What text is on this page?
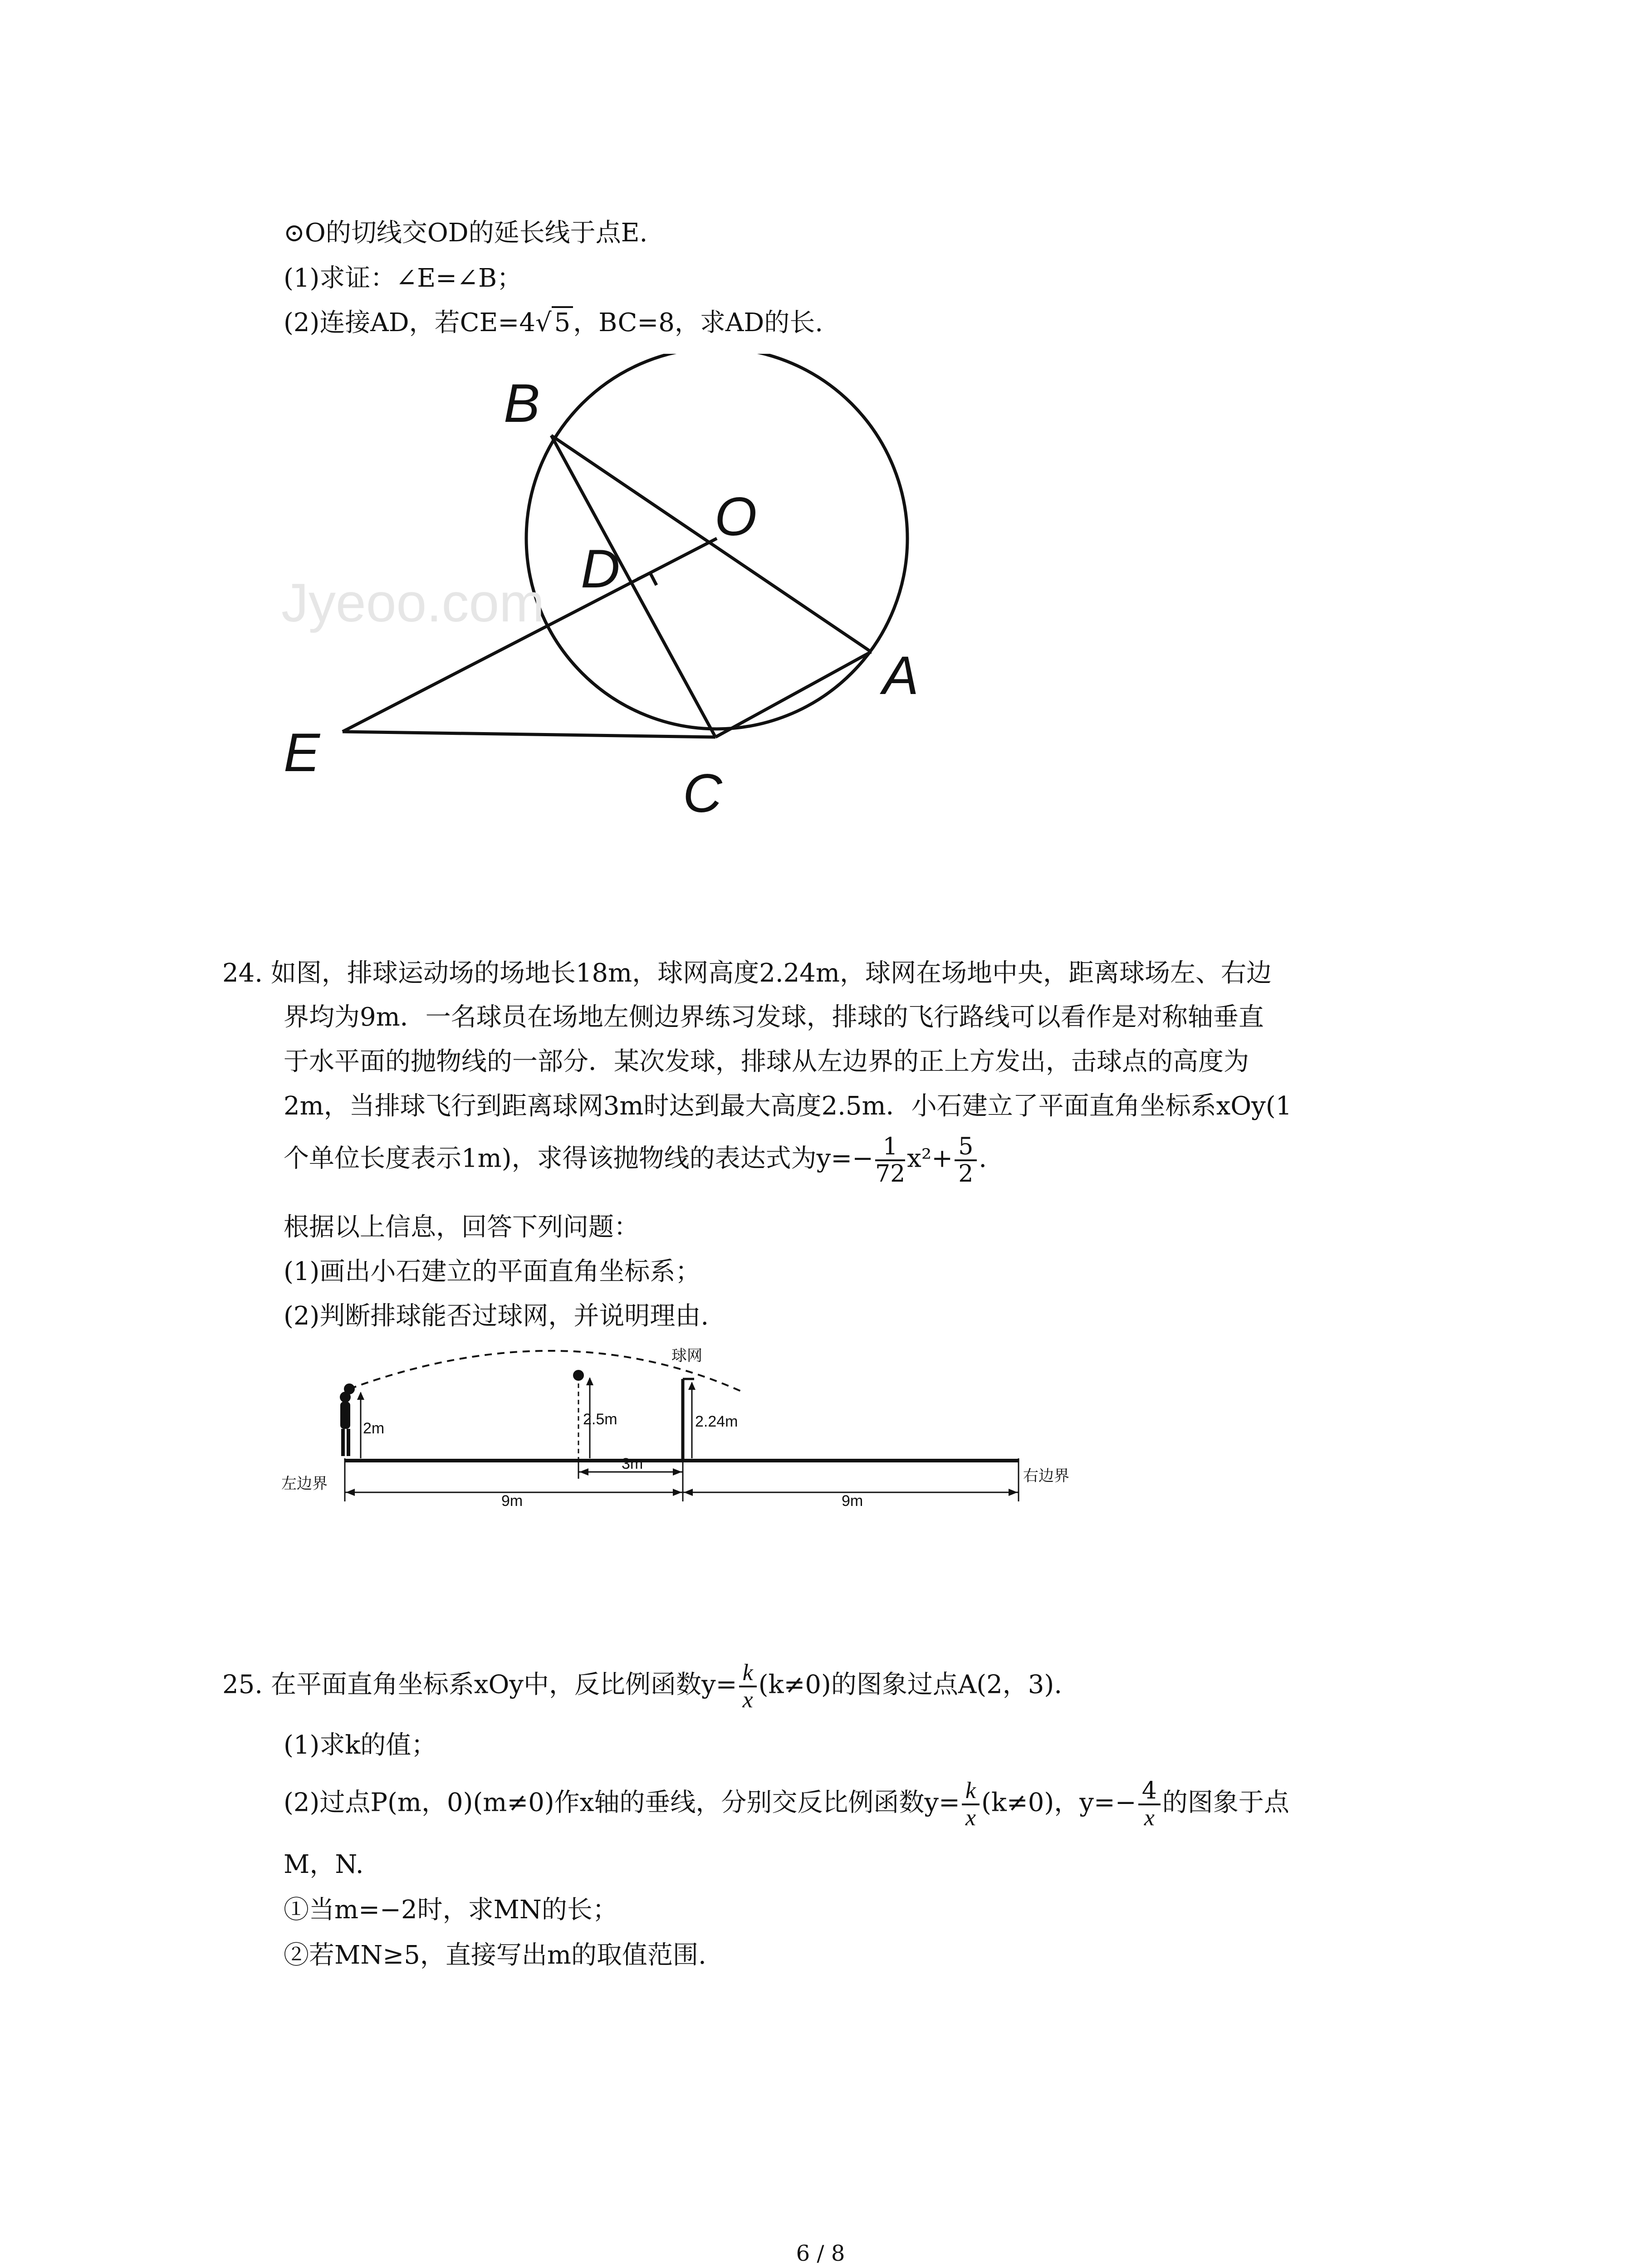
⊙O的切线交OD的延长线于点E.
(1)求证：∠E=∠B；
(2)连接AD，若CE=4√ 5 ，BC=8，求AD的长.
Jyeoo.com
B
O
D
A
E
C
24. 如图，排球运动场的场地长18m，球网高度2.24m，球网在场地中央，距离球场左、右边
界均为9m．一名球员在场地左侧边界练习发球，排球的飞行路线可以看作是对称轴垂直
于水平面的抛物线的一部分．某次发球，排球从左边界的正上方发出，击球点的高度为
2m，当排球飞行到距离球网3m时达到最大高度2.5m．小石建立了平面直角坐标系xOy(1
个单位长度表示1m)，求得该抛物线的表达式为$y=- \frac{1}{72} x^2+ \frac{5}{2}$ .
根据以上信息，回答下列问题：
(1)画出小石建立的平面直角坐标系；
(2)判断排球能否过球网，并说明理由.
球网
2m
2.5m	2.24m
3m
9m	9m
左边界	右边界
25. 在平面直角坐标系xOy中，反比例函数$y= \frac{k}{x} (k\ne 0)$的图象过点A(2，3).
(1)求k的值；
(2)过点P(m，0)(m≠0)作x轴的垂线，分别交反比例函数$y= \frac{k}{x} (k\ne 0)$，$y=- \frac{4}{x}$ 的图象于点
M，N.
①当m=−2时，求MN的长；
②若MN≥5，直接写出m的取值范围.
6 / 8
